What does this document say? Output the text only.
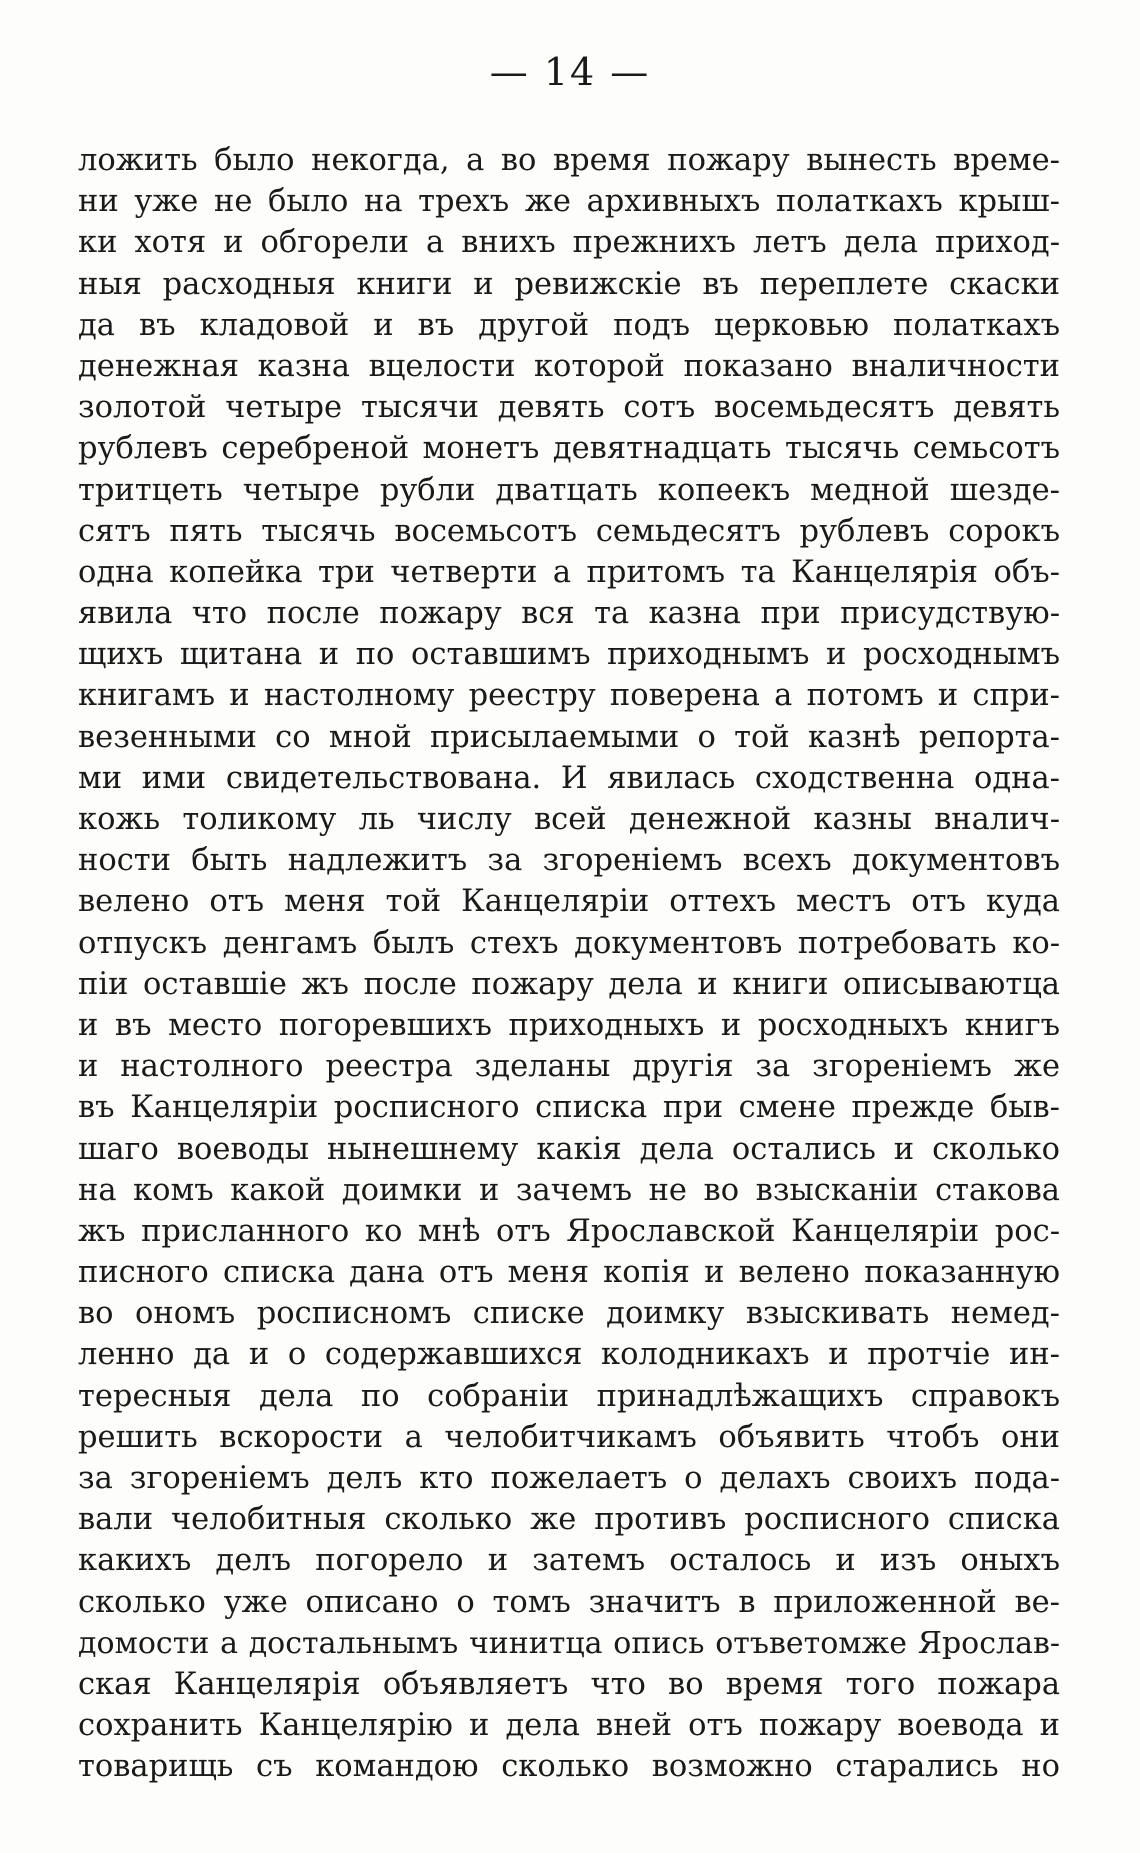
— 14 —
ложить было некогда, а во время пожару вынесть време-
ни уже не было на трехъ же архивныхъ полаткахъ крыш-
ки хотя и обгорели а внихъ прежнихъ летъ дела приход-
ныя расходныя книги и ревижскіе въ переплете скаски
да въ кладовой и въ другой подъ церковью полаткахъ
денежная казна вцелости которой показано вналичности
золотой четыре тысячи девять сотъ восемьдесятъ девять
рублевъ серебреной монетъ девятнадцать тысячь семьсотъ
тритцеть четыре рубли дватцать копеекъ медной шезде-
сятъ пять тысячь восемьсотъ семьдесятъ рублевъ сорокъ
одна копейка три четверти а притомъ та Канцелярія объ-
явила что после пожару вся та казна при присудствую-
щихъ щитана и по оставшимъ приходнымъ и росходнымъ
книгамъ и настолному реестру поверена а потомъ и спри-
везенными со мной присылаемыми о той казнѣ репорта-
ми ими свидетельствована. И явилась сходственна одна-
кожь толикому ль числу всей денежной казны вналич-
ности быть надлежитъ за згореніемъ всехъ документовъ
велено отъ меня той Канцеляріи оттехъ местъ отъ куда
отпускъ денгамъ былъ стехъ документовъ потребовать ко-
піи оставшіе жъ после пожару дела и книги описываютца
и въ место погоревшихъ приходныхъ и росходныхъ книгъ
и настолного реестра зделаны другія за згореніемъ же
въ Канцеляріи росписного списка при смене прежде быв-
шаго воеводы нынешнему какія дела остались и сколько
на комъ какой доимки и зачемъ не во взысканіи стакова
жъ присланного ко мнѣ отъ Ярославской Канцеляріи рос-
писного списка дана отъ меня копія и велено показанную
во ономъ росписномъ списке доимку взыскивать немед-
ленно да и о содержавшихся колодникахъ и протчіе ин-
тересныя дела по собраніи принадлѣжащихъ справокъ
решить вскорости а челобитчикамъ объявить чтобъ они
за згореніемъ делъ кто пожелаетъ о делахъ своихъ пода-
вали челобитныя сколько же противъ росписного списка
какихъ делъ погорело и затемъ осталось и изъ оныхъ
сколько уже описано о томъ значитъ в приложенной ве-
домости а достальнымъ чинитца опись отъветомже Ярослав-
ская Канцелярія объявляетъ что во время того пожара
сохранить Канцелярію и дела вней отъ пожару воевода и
товарищь съ командою сколько возможно старались но
